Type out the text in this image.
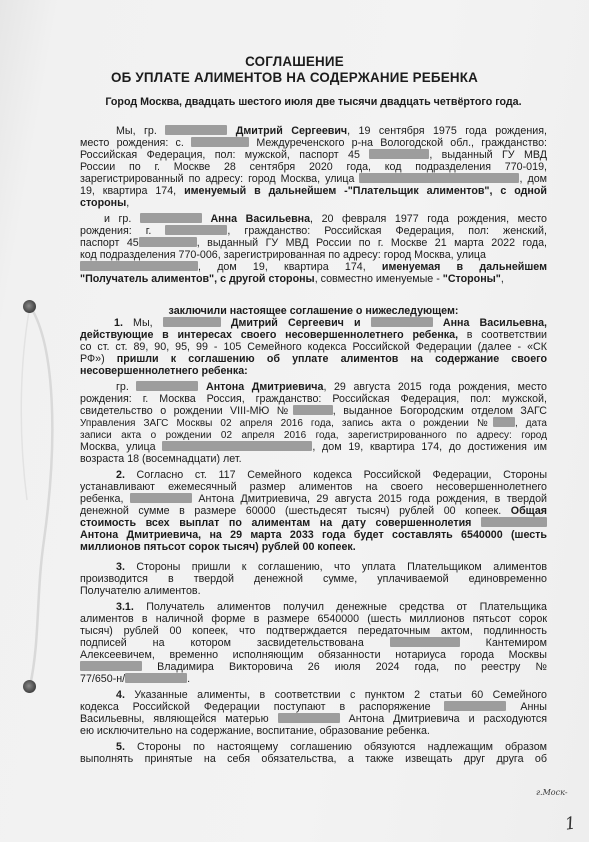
СОГЛАШЕНИЕ
ОБ УПЛАТЕ АЛИМЕНТОВ НА СОДЕРЖАНИЕ РЕБЕНКА
Город Москва, двадцать шестого июля две тысячи двадцать четвёртого года.
Мы, гр.	Дмитрий Сергеевич, 19 сентября 1975 года рождения,
место рождения: с.	Междуреченского р-на Вологодской обл., гражданство:
Российская Федерация, пол: мужской, паспорт 45	, выданный ГУ МВД
России по г. Москве 28 сентября 2020 года, код подразделения 770-019,
зарегистрированный по адресу: город Москва, улица	, дом
19, квартира 174, именуемый в дальнейшем -"Плательщик алиментов", с одной
стороны,
и гр.	Анна Васильевна, 20 февраля 1977 года рождения, место
рождения: г.	, гражданство: Российская Федерация, пол: женский,
паспорт 45	, выданный ГУ МВД России по г. Москве 21 марта 2022 года,
код подразделения 770-006, зарегистрированная по адресу: город Москва, улица
, дом 19, квартира 174, именуемая в дальнейшем
"Получатель алиментов", с другой стороны, совместно именуемые - "Стороны",
заключили настоящее соглашение о нижеследующем:
1. Мы,	Дмитрий Сергеевич и	Анна Васильевна,
действующие в интересах своего несовершеннолетнего ребенка, в соответствии
со ст. ст. 89, 90, 95, 99 - 105 Семейного кодекса Российской Федерации (далее - «СК
РФ») пришли к соглашению об уплате алиментов на содержание своего
несовершеннолетнего ребенка:
гр.	Антона Дмитриевича, 29 августа 2015 года рождения, место
рождения: г. Москва Россия, гражданство: Российская Федерация, пол: мужской,
свидетельство о рождении VIII-МЮ №	, выданное Богородским отделом ЗАГС
Управления ЗАГС Москвы 02 апреля 2016 года, запись акта о рождении № , дата
записи акта о рождении 02 апреля 2016 года, зарегистрированного по адресу: город
Москва, улица	, дом 19, квартира 174, до достижения им
возраста 18 (восемнадцати) лет.
2. Согласно ст. 117 Семейного кодекса Российской Федерации, Стороны
устанавливают ежемесячный размер алиментов на своего несовершеннолетнего
ребенка,	Антона Дмитриевича, 29 августа 2015 года рождения, в твердой
денежной сумме в размере 60000 (шестьдесят тысяч) рублей 00 копеек. Общая
стоимость всех выплат по алиментам на дату совершеннолетия
Антона Дмитриевича, на 29 марта 2033 года будет составлять 6540000 (шесть
миллионов пятьсот сорок тысяч) рублей 00 копеек.
3. Стороны пришли к соглашению, что уплата Плательщиком алиментов
производится в твердой денежной сумме, уплачиваемой единовременно
Получателю алиментов.
3.1. Получатель алиментов получил денежные средства от Плательщика
алиментов в наличной форме в размере 6540000 (шесть миллионов пятьсот сорок
тысяч) рублей 00 копеек, что подтверждается передаточным актом, подлинность
подписей на котором засвидетельствована	Кантемиром
Алексеевичем, временно исполняющим обязанности нотариуса города Москвы
Владимира Викторовича 26 июля 2024 года, по реестру №
77/650-н/	.
4. Указанные алименты, в соответствии с пунктом 2 статьи 60 Семейного
кодекса Российской Федерации поступают в распоряжение	Анны
Васильевны, являющейся матерью	Антона Дмитриевича и расходуются
ею исключительно на содержание, воспитание, образование ребенка.
5. Стороны по настоящему соглашению обязуются надлежащим образом
выполнять принятые на себя обязательства, а также извещать друг друга об
г.Моск-
1
